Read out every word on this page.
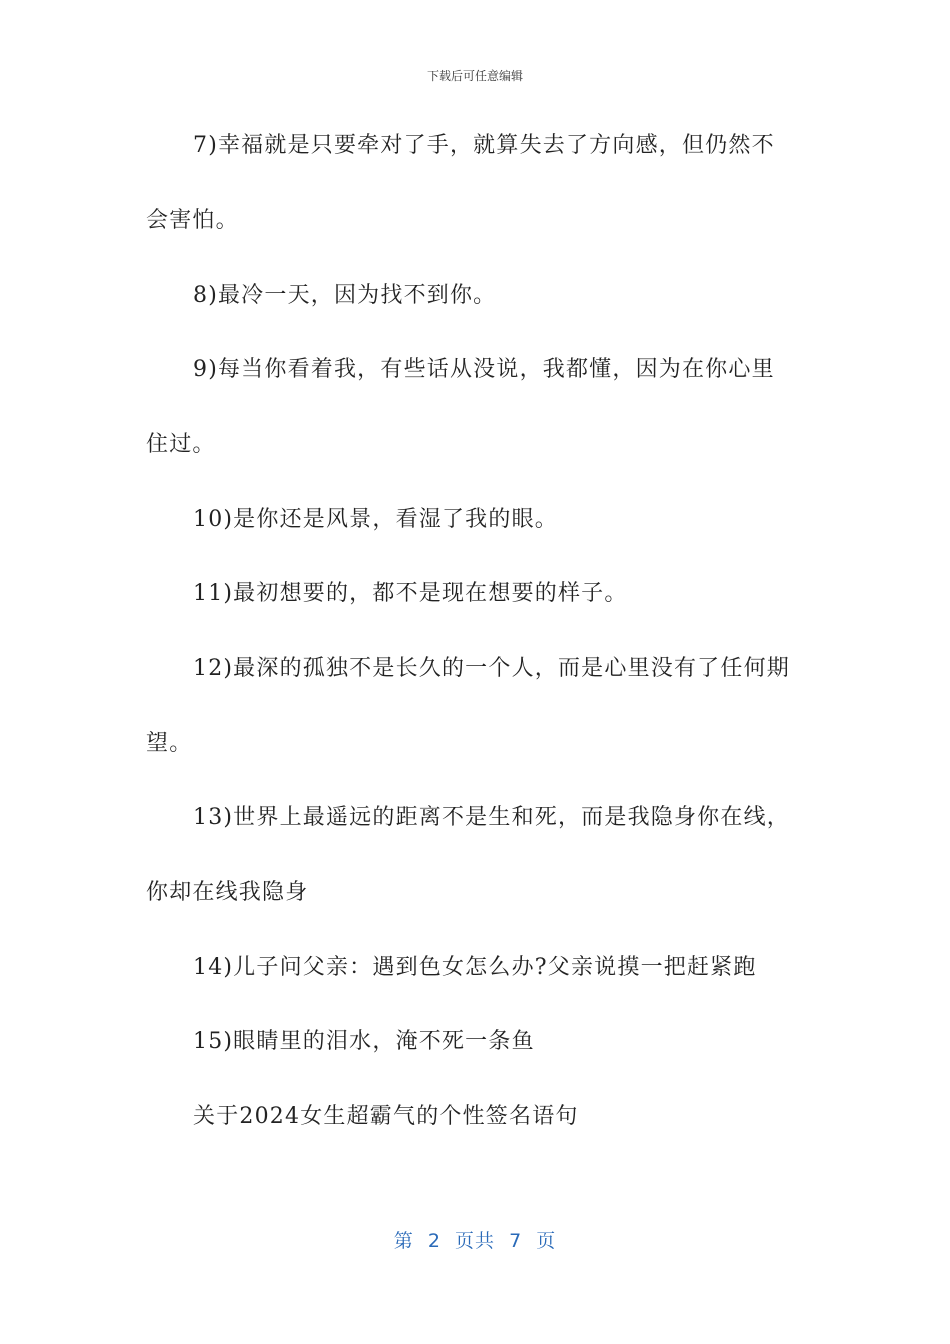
下载后可任意编辑
7)幸福就是只要牵对了手，就算失去了方向感，但仍然不
会害怕。
8)最冷一天，因为找不到你。
9)每当你看着我，有些话从没说，我都懂，因为在你心里
住过。
10)是你还是风景，看湿了我的眼。
11)最初想要的，都不是现在想要的样子。
12)最深的孤独不是长久的一个人，而是心里没有了任何期
望。
13)世界上最遥远的距离不是生和死，而是我隐身你在线，
你却在线我隐身
14)儿子问父亲：遇到色女怎么办?父亲说摸一把赶紧跑
15)眼睛里的泪水，淹不死一条鱼
关于2024女生超霸气的个性签名语句
第  2  页共  7  页
